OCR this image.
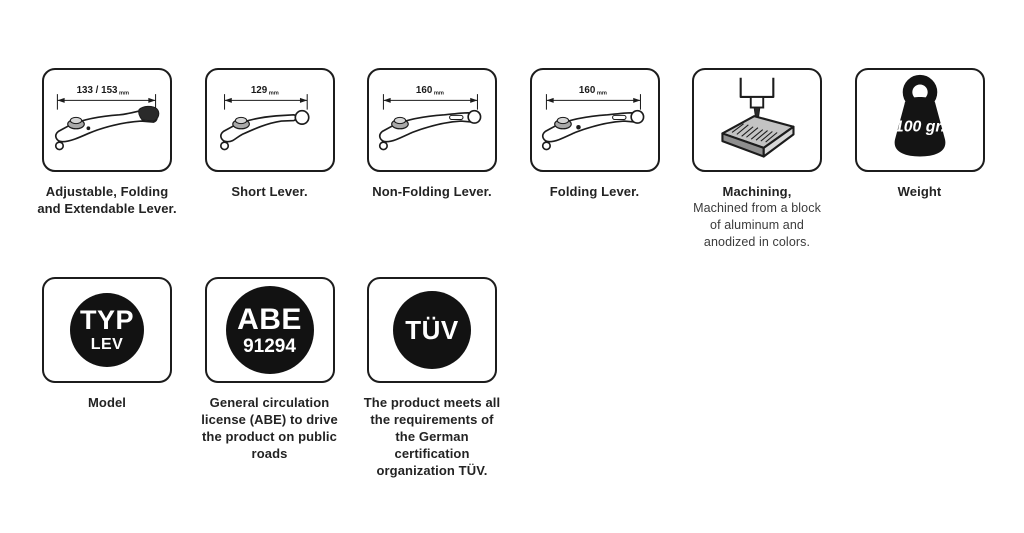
133 / 153 mm
Adjustable, Folding
and Extendable Lever.
129 mm
Short Lever.
160 mm
Non-Folding Lever.
160 mm
Folding Lever.	Machining,
Machined from a block
of aluminum and
anodized in colors.
100 gr.
Weight
TYP
LEV
Model
ABE
91294
General circulation
license (ABE) to drive
the product on public
roads
TÜV
The product meets all
the requirements of
the German
certification
organization TÜV.
